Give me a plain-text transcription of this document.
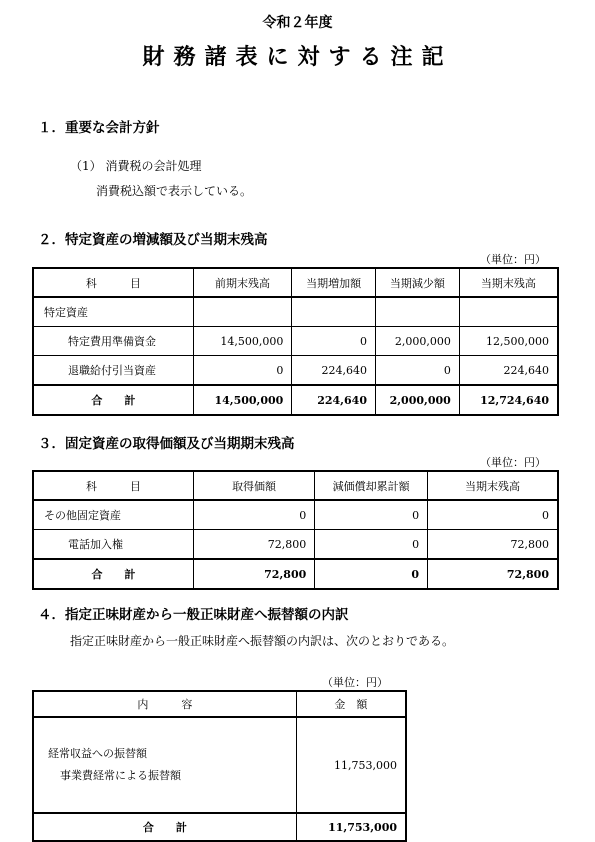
令和２年度
財務諸表に対する注記
１．重要な会計方針
（1） 消費税の会計処理
消費税込額で表示している。
２．特定資産の増減額及び当期末残高
（単位：円）
科　　　目	前期末残高	当期増加額	当期減少額	当期末残高
特定資産				
特定費用準備資金	14,500,000	0	2,000,000	12,500,000
退職給付引当資産	0	224,640	0	224,640
合　　計	14,500,000	224,640	2,000,000	12,724,640
３．固定資産の取得価額及び当期期末残高
（単位：円）
科　　　目	取得価額	減価償却累計額	当期末残高
その他固定資産	0	0	0
電話加入権	72,800	0	72,800
合　　計	72,800	0	72,800
４．指定正味財産から一般正味財産へ振替額の内訳
指定正味財産から一般正味財産へ振替額の内訳は、次のとおりである。
（単位：円）
内　　　容	金　額

経常収益への振替額
事業費経常による振替額	11,753,000
合　　計	11,753,000
